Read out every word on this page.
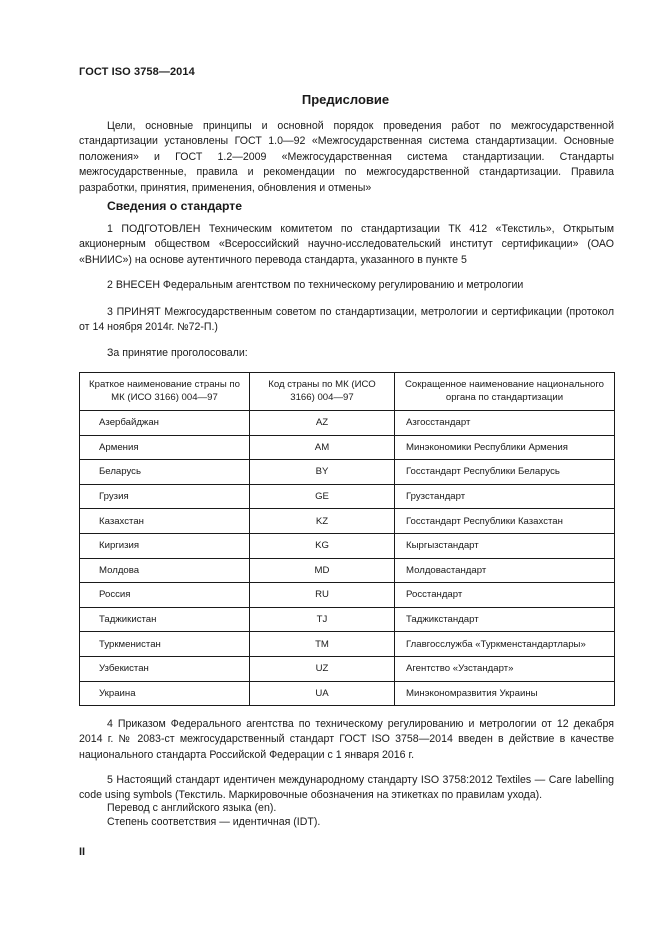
ГОСТ ISO 3758—2014
Предисловие

Цели, основные принципы и основной порядок проведения работ по межгосударственной стандартизации установлены ГОСТ 1.0—92 «Межгосударственная система стандартизации. Основные положения» и ГОСТ 1.2—2009 «Межгосударственная система стандартизации. Стандарты межгосударственные, правила и рекомендации по межгосударственной стандартизации. Правила разработки, принятия, применения, обновления и отмены»

Сведения о стандарте

1 ПОДГОТОВЛЕН Техническим комитетом по стандартизации ТК 412 «Текстиль», Открытым акционерным обществом «Всероссийский научно-исследовательский институт сертификации» (ОАО «ВНИИС») на основе аутентичного перевода стандарта, указанного в пункте 5

2 ВНЕСЕН Федеральным агентством по техническому регулированию и метрологии

3 ПРИНЯТ Межгосударственным советом по стандартизации, метрологии и сертификации (протокол от 14 ноября 2014г. №72-П.)

За принятие проголосовали:

Краткое наименование страны по МК (ИСО 3166) 004—97	Код страны по МК (ИСО 3166) 004—97	Сокращенное наименование национального органа по стандартизации
Азербайджан	AZ	Азгосстандарт
Армения	AM	Минэкономики Республики Армения
Беларусь	BY	Госстандарт Республики Беларусь
Грузия	GE	Грузстандарт
Казахстан	KZ	Госстандарт Республики Казахстан
Киргизия	KG	Кыргызстандарт
Молдова	MD	Молдовастандарт
Россия	RU	Росстандарт
Таджикистан	TJ	Таджикстандарт
Туркменистан	TM	Главгосслужба «Туркменстандартлары»
Узбекистан	UZ	Агентство «Узстандарт»
Украина	UA	Минэкономразвития Украины

4 Приказом Федерального агентства по техническому регулированию и метрологии от 12 декабря 2014 г. № 2083-ст межгосударственный стандарт ГОСТ ISO 3758—2014 введен в действие в качестве национального стандарта Российской Федерации с 1 января 2016 г.

5 Настоящий стандарт идентичен международному стандарту ISO 3758:2012 Textiles — Care labelling code using symbols (Текстиль. Маркировочные обозначения на этикетках по правилам ухода).

Перевод с английского языка (en).

Степень соответствия — идентичная (IDT).

II
